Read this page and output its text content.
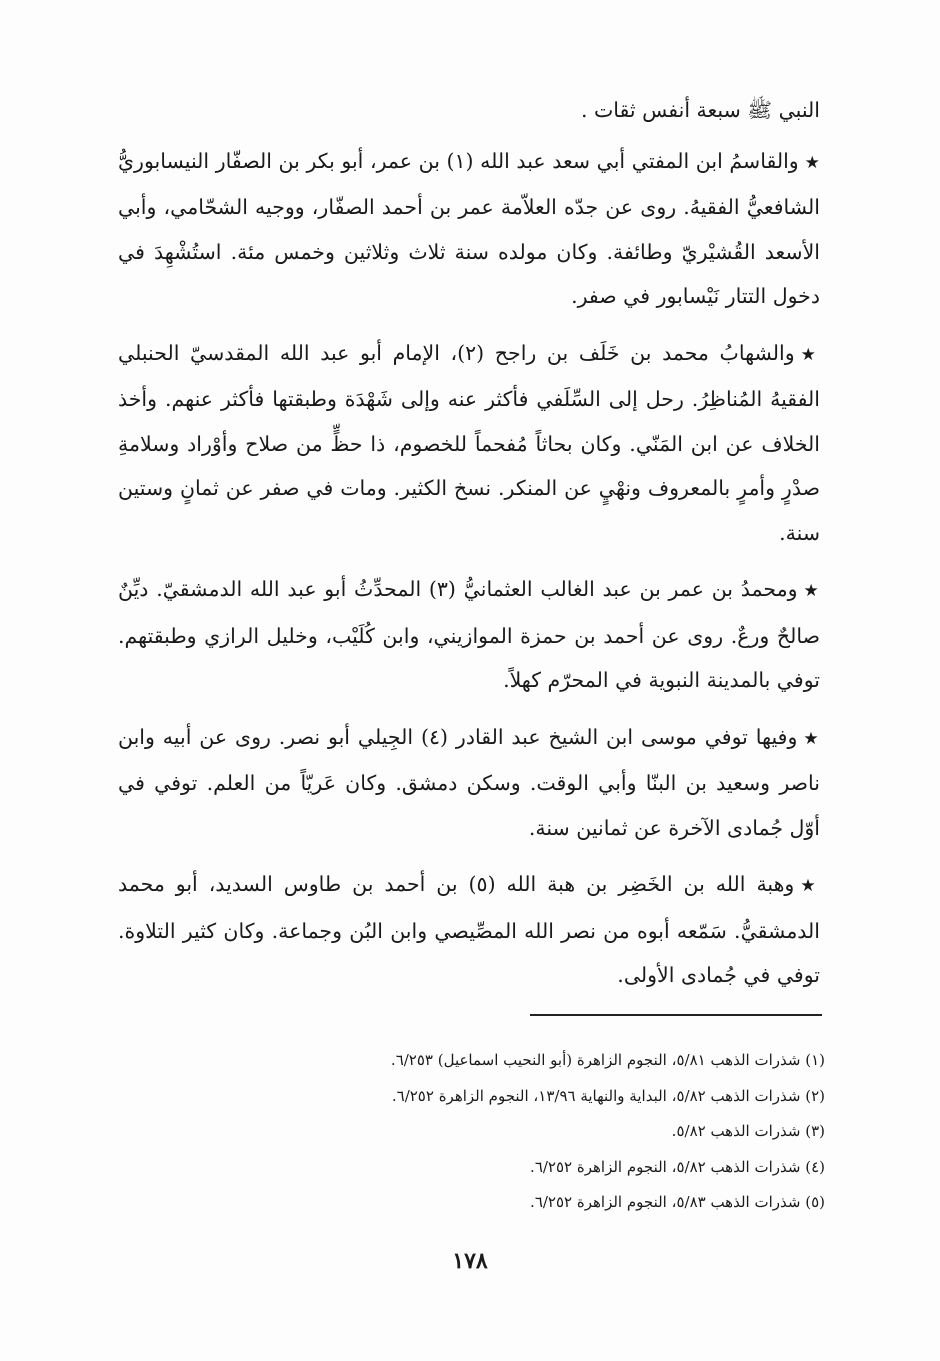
النبي ﷺ سبعة أنفس ثقات .

★والقاسمُ ابن المفتي أبي سعد عبد الله (١) بن عمر، أبو بكر بن الصفّار النيسابوريُّ الشافعيُّ الفقيهُ. روى عن جدّه العلاّمة عمر بن أحمد الصفّار، ووجيه الشحّامي، وأبي الأسعد القُشيْريّ وطائفة. وكان مولده سنة ثلاث وثلاثين وخمس مئة. استُشْهِدَ في دخول التتار نَيْسابور في صفر.

★والشهابُ محمد بن خَلَف بن راجح (٢)، الإمام أبو عبد الله المقدسيّ الحنبلي الفقيهُ المُناظِرُ. رحل إلى السِّلَفي فأكثر عنه وإلى شَهْدَة وطبقتها فأكثر عنهم. وأخذ الخلاف عن ابن المَنّي. وكان بحاثاً مُفحماً للخصوم، ذا حظٍّ من صلاح وأوْراد وسلامةِ صدْرٍ وأمرٍ بالمعروف ونهْيٍ عن المنكر. نسخ الكثير. ومات في صفر عن ثمانٍ وستين سنة.

★ومحمدُ بن عمر بن عبد الغالب العثمانيُّ (٣) المحدِّثُ أبو عبد الله الدمشقيّ. ديِّنٌ صالحٌ ورعٌ. روى عن أحمد بن حمزة الموازيني، وابن كُلَيْب، وخليل الرازي وطبقتهم. توفي بالمدينة النبوية في المحرّم كهلاً.

★وفيها توفي موسى ابن الشيخ عبد القادر (٤) الجِيلي أبو نصر. روى عن أبيه وابن ناصر وسعيد بن البنّا وأبي الوقت. وسكن دمشق. وكان عَريّاً من العلم. توفي في أوّل جُمادى الآخرة عن ثمانين سنة.

★وهبة الله بن الخَضِر بن هبة الله (٥) بن أحمد بن طاوس السديد، أبو محمد الدمشقيُّ. سَمّعه أبوه من نصر الله المصِّيصي وابن البُن وجماعة. وكان كثير التلاوة. توفي في جُمادى الأولى.

(١) شذرات الذهب ٥/٨١، النجوم الزاهرة (أبو النحيب اسماعيل) ٦/٢٥٣.
(٢) شذرات الذهب ٥/٨٢، البداية والنهاية ١٣/٩٦، النجوم الزاهرة ٦/٢٥٢.
(٣) شذرات الذهب ٥/٨٢.
(٤) شذرات الذهب ٥/٨٢، النجوم الزاهرة ٦/٢٥٢.
(٥) شذرات الذهب ٥/٨٣، النجوم الزاهرة ٦/٢٥٢.
١٧٨
